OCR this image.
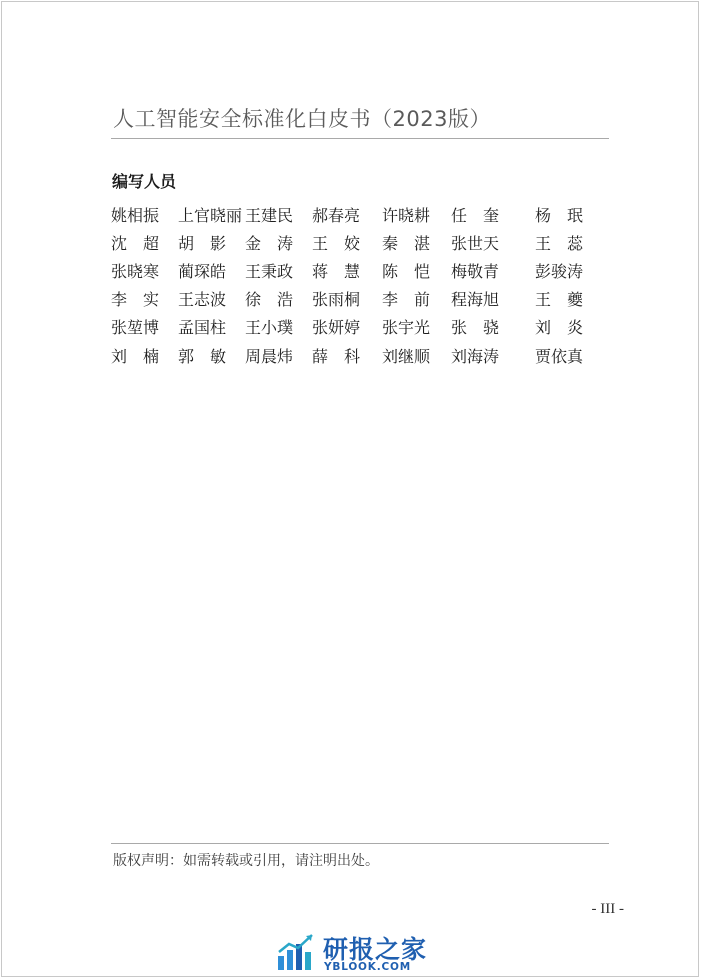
人工智能安全标准化白皮书（2023版）
编写人员
姚相振	上官晓丽 王建民	郝春亮	许晓耕	任　奎	杨　珉
沈　超	胡　影	金　涛	王　姣	秦　湛	张世天	王　蕊
张晓寒	蔺琛皓	王秉政	蒋　慧	陈　恺	梅敬青	彭骏涛
李　实	王志波	徐　浩	张雨桐	李　前	程海旭	王　夔
张堃博	孟国柱	王小璞	张妍婷	张宇光	张　骁	刘　炎
刘　楠	郭　敏	周晨炜	薛　科	刘继顺	刘海涛	贾依真
版权声明：如需转载或引用，请注明出处。
- III -
研报之家
YBLOOK.COM
